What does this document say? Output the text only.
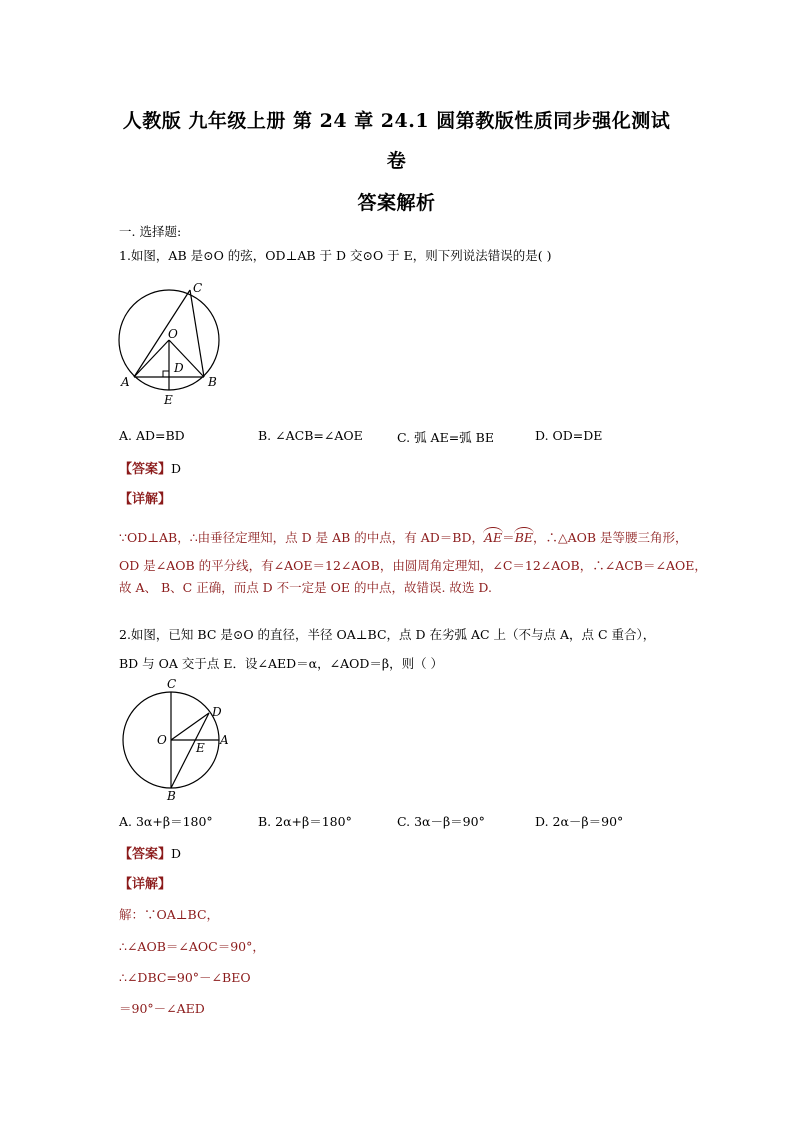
人教版 九年级上册 第 24 章 24.1 圆第教版性质同步强化测试
卷
答案解析
一. 选择题:
1.如图，AB 是⊙O 的弦，OD⊥AB 于 D 交⊙O 于 E，则下列说法错误的是( )
C
O
D
A	B
E
A. AD=BD	B. ∠ACB=∠AOE	C. 弧 AE=弧 BE	D. OD=DE
【答案】D
【详解】
∵OD⊥AB，∴由垂径定理知，点 D 是 AB 的中点，有 AD＝BD，AE＝BE，∴△AOB 是等腰三角形，
OD 是∠AOB 的平分线，有∠AOE＝12∠AOB，由圆周角定理知，∠C＝12∠AOB，∴∠ACB＝∠AOE，
故 A、 B、C 正确，而点 D 不一定是 OE 的中点，故错误. 故选 D.
2.如图，已知 BC 是⊙O 的直径，半径 OA⊥BC，点 D 在劣弧 AC 上（不与点 A，点 C 重合），
BD 与 OA 交于点 E．设∠AED＝α，∠AOD＝β，则（ ）
C
D
O
E
A
B
A. 3α+β＝180°	B. 2α+β＝180°	C. 3α－β＝90°	D. 2α－β＝90°
【答案】D
【详解】
解：∵OA⊥BC，
∴∠AOB＝∠AOC＝90°，
∴∠DBC=90°－∠BEO
＝90°－∠AED
